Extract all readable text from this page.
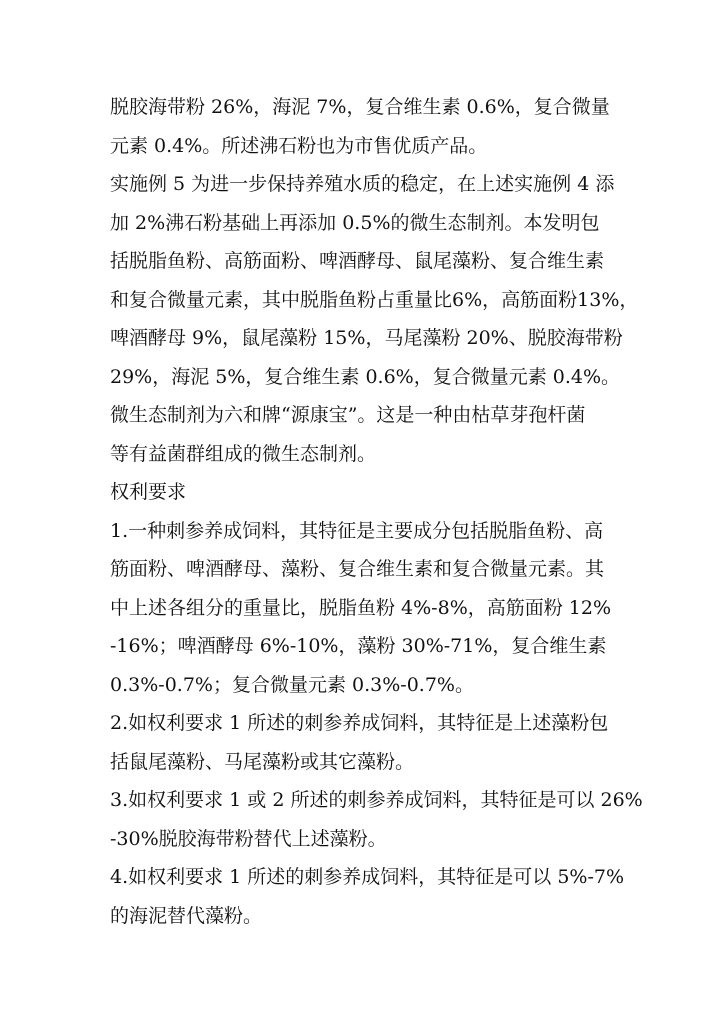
脱胶海带粉 26%，海泥 7%，复合维生素 0.6%，复合微量
元素 0.4%。所述沸石粉也为市售优质产品。
实施例 5 为进一步保持养殖水质的稳定，在上述实施例 4 添
加 2%沸石粉基础上再添加 0.5%的微生态制剂。本发明包
括脱脂鱼粉、高筋面粉、啤酒酵母、鼠尾藻粉、复合维生素
和复合微量元素，其中脱脂鱼粉占重量比6%，高筋面粉13%，
啤酒酵母 9%，鼠尾藻粉 15%，马尾藻粉 20%、脱胶海带粉
29%，海泥 5%，复合维生素 0.6%，复合微量元素 0.4%。
微生态制剂为六和牌“源康宝”。这是一种由枯草芽孢杆菌
等有益菌群组成的微生态制剂。
权利要求
1.一种刺参养成饲料，其特征是主要成分包括脱脂鱼粉、高
筋面粉、啤酒酵母、藻粉、复合维生素和复合微量元素。其
中上述各组分的重量比，脱脂鱼粉 4%-8%，高筋面粉 12%
-16%；啤酒酵母 6%-10%，藻粉 30%-71%，复合维生素
0.3%-0.7%；复合微量元素 0.3%-0.7%。
2.如权利要求 1 所述的刺参养成饲料，其特征是上述藻粉包
括鼠尾藻粉、马尾藻粉或其它藻粉。
3.如权利要求 1 或 2 所述的刺参养成饲料，其特征是可以 26%
-30%脱胶海带粉替代上述藻粉。
4.如权利要求 1 所述的刺参养成饲料，其特征是可以 5%-7%
的海泥替代藻粉。
